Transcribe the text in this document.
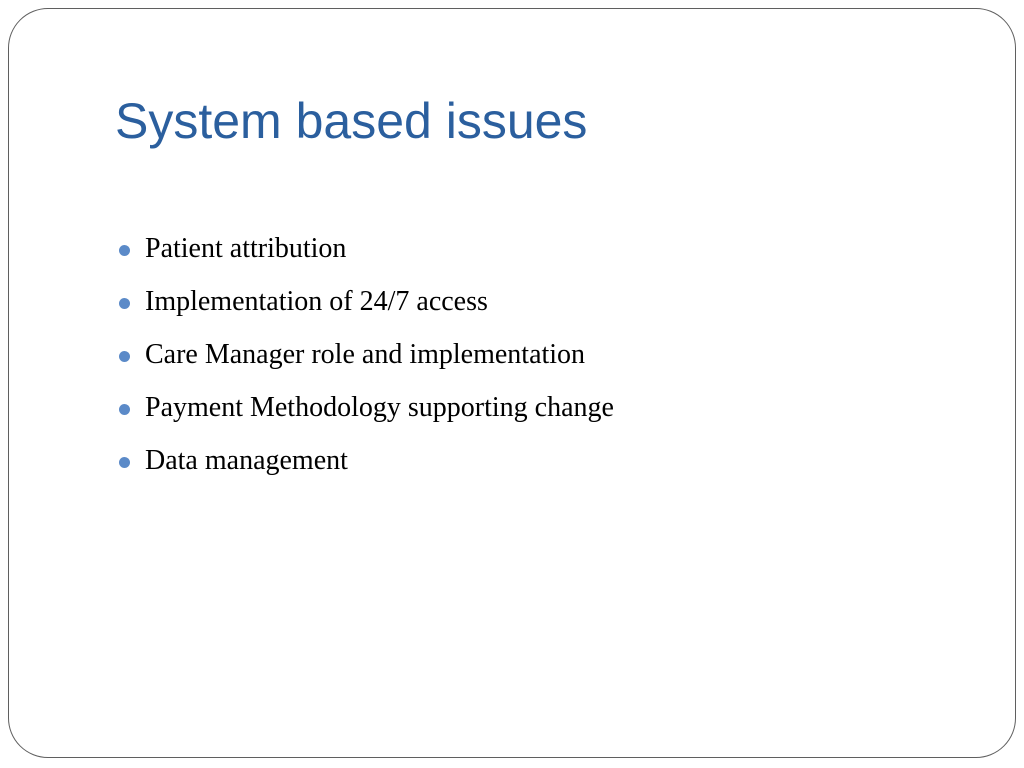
System based issues
Patient attribution
Implementation of 24/7 access
Care Manager role and implementation
Payment Methodology supporting change
Data management
